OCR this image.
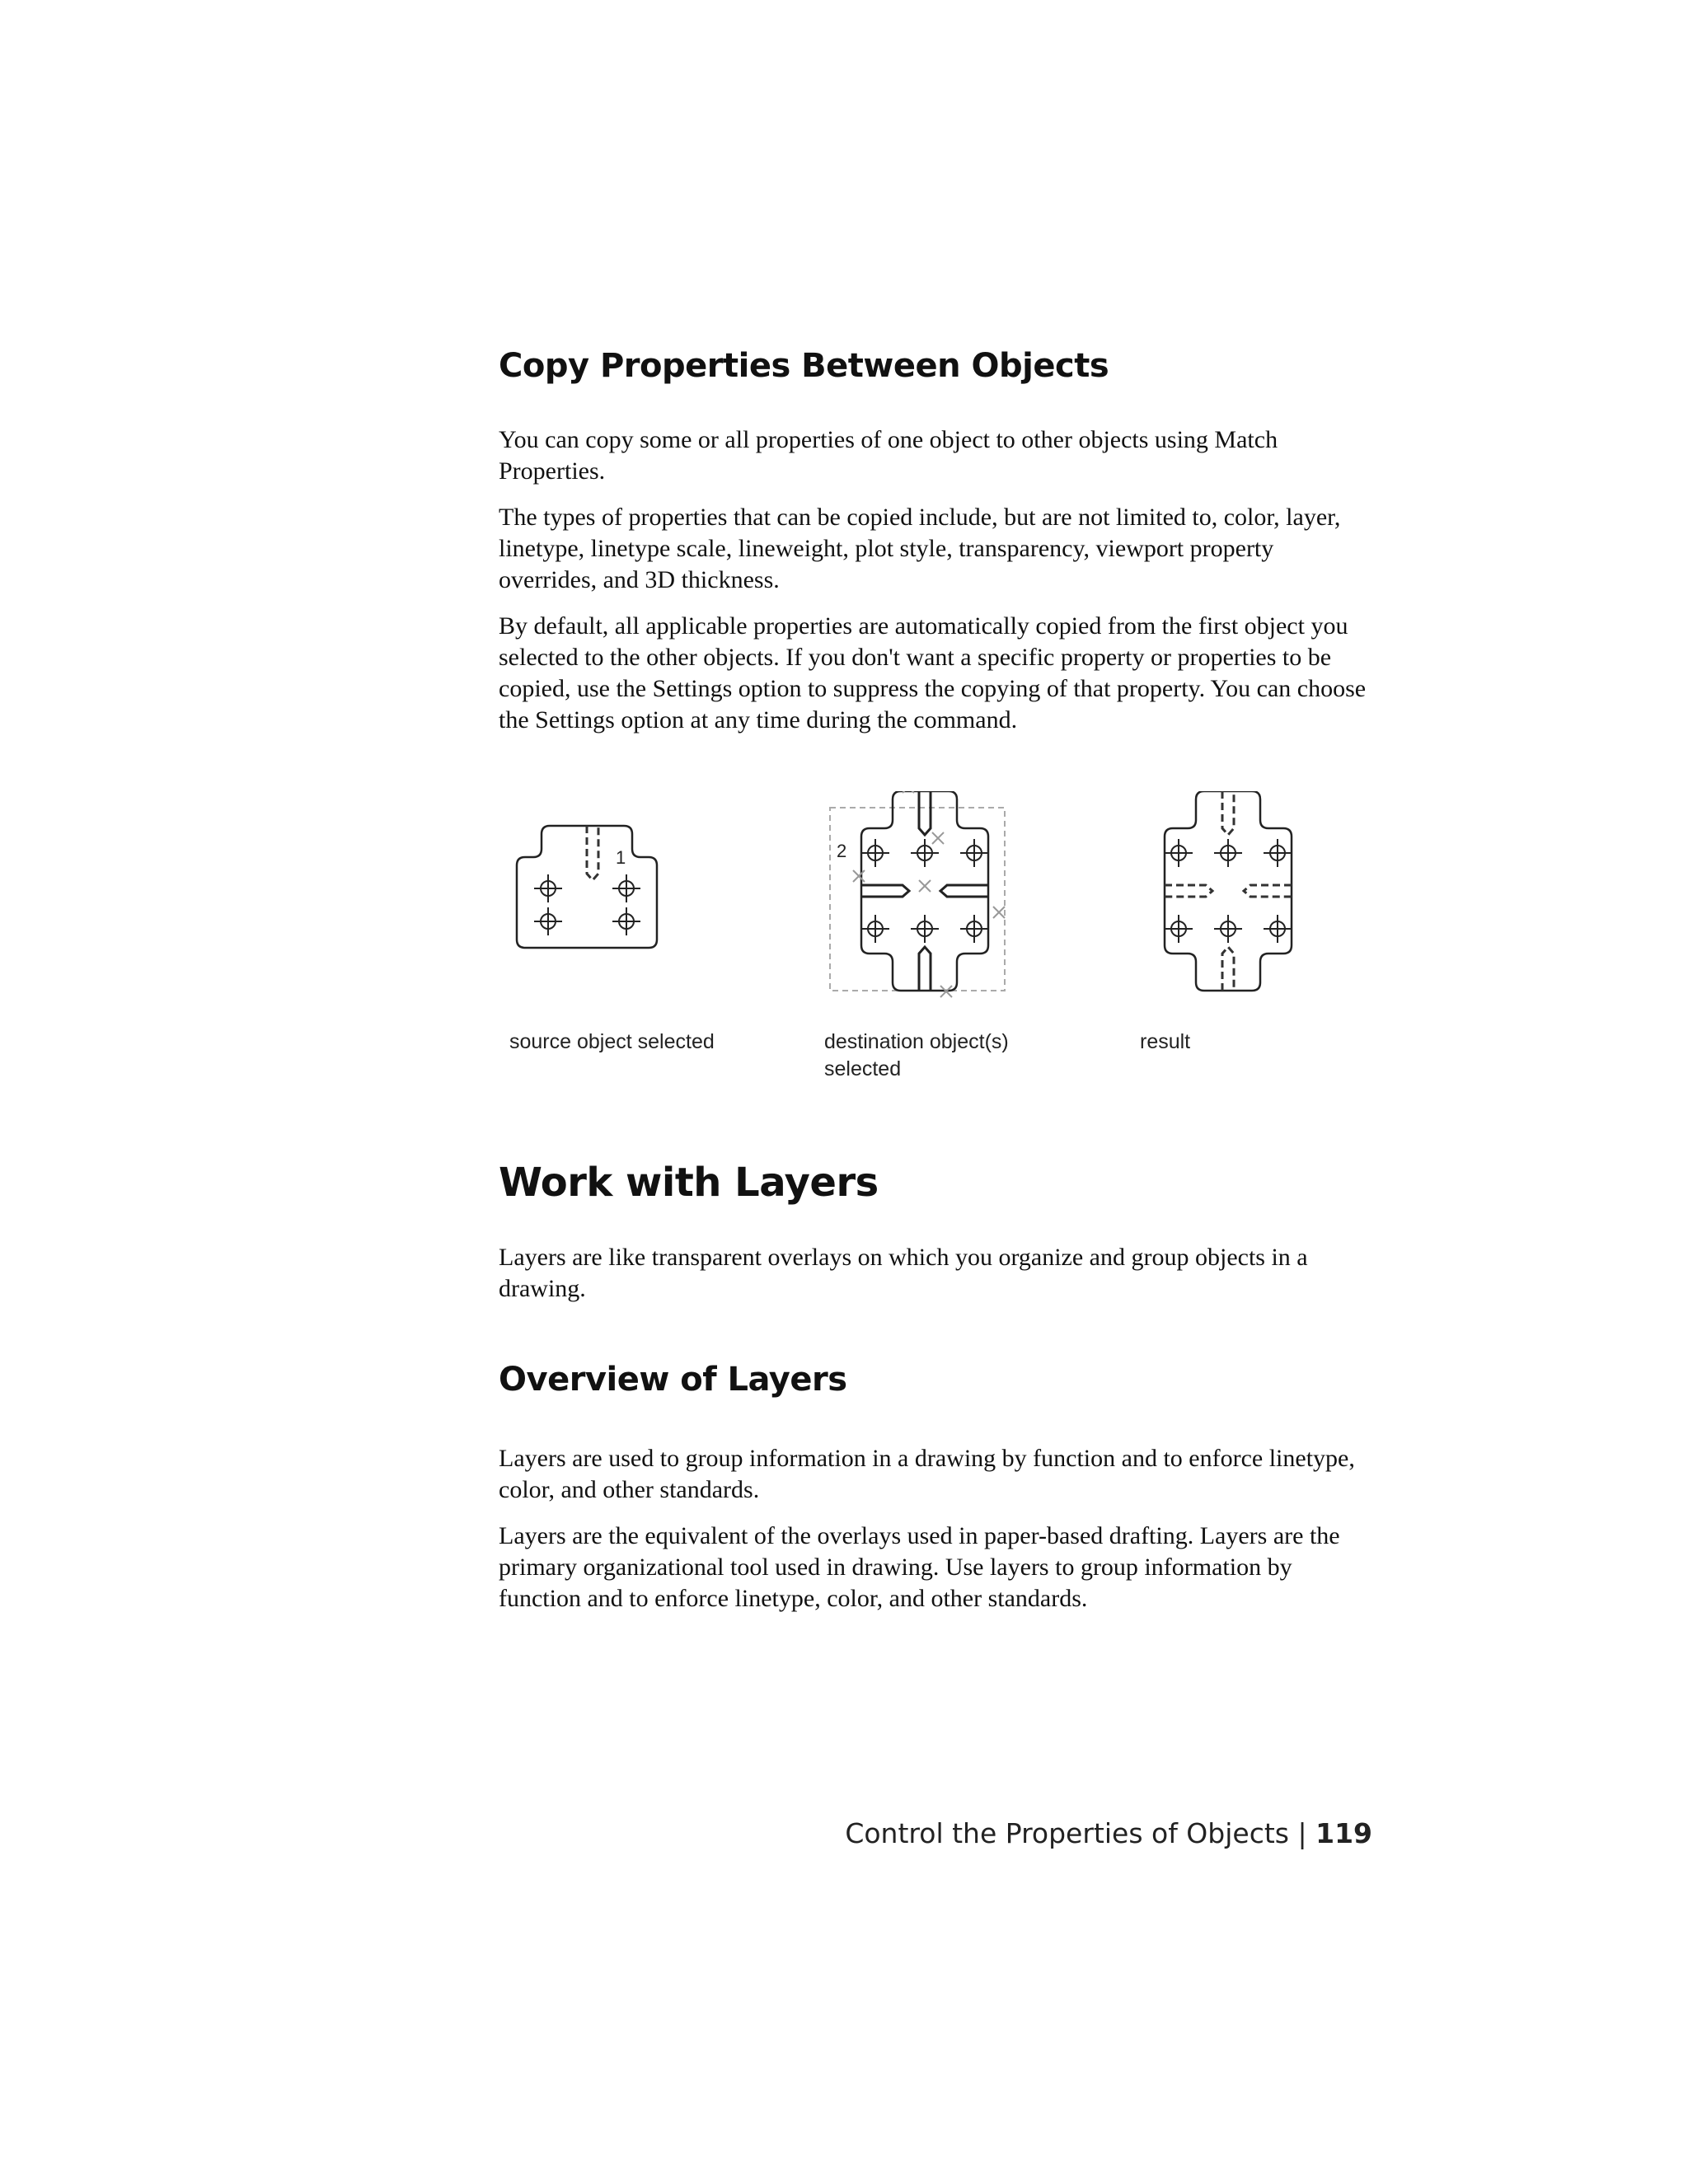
Copy Properties Between Objects

You can copy some or all properties of one object to other objects using Match Properties.

The types of properties that can be copied include, but are not limited to, color, layer, linetype, linetype scale, lineweight, plot style, transparency, viewport property overrides, and 3D thickness.

By default, all applicable properties are automatically copied from the first object you selected to the other objects. If you don't want a specific property or properties to be copied, use the Settings option to suppress the copying of that property. You can choose the Settings option at any time during the command.

1	2
source object selected	destination object(s)
selected
result
Work with Layers

Layers are like transparent overlays on which you organize and group objects in a drawing.

Overview of Layers

Layers are used to group information in a drawing by function and to enforce linetype, color, and other standards.

Layers are the equivalent of the overlays used in paper-based drafting. Layers are the primary organizational tool used in drawing. Use layers to group information by function and to enforce linetype, color, and other standards.

Control the Properties of Objects | 119
